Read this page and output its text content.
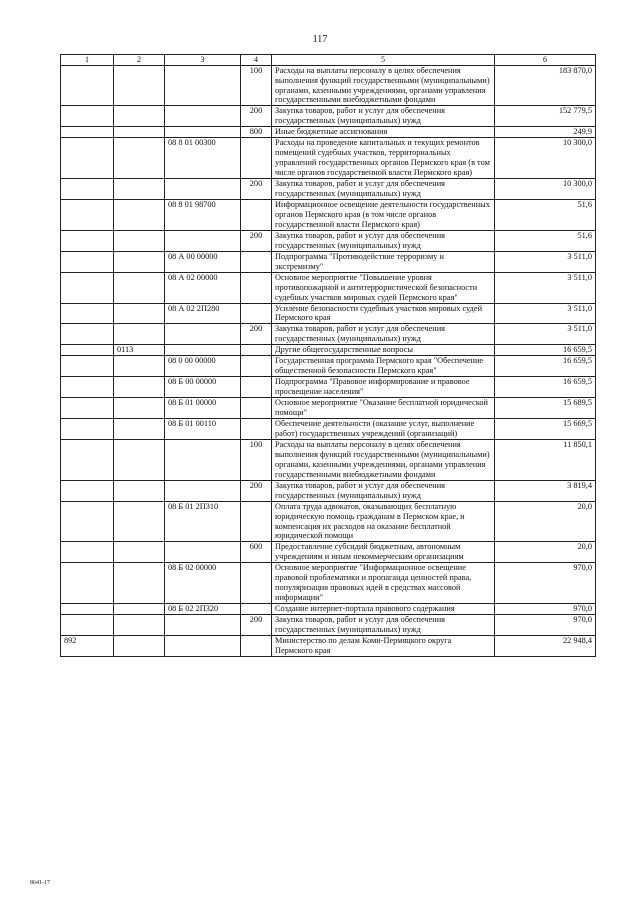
117
1	2	3	4	5	6
			100	Расходы на выплаты персоналу в целях обеспечения выполнения функций государственными (муниципальными) органами, казенными учреждениями, органами управления государственными внебюджетными фондами	183 870,0
			200	Закупка товаров, работ и услуг для обеспечения государственных (муниципальных) нужд	152 779,5
			800	Иные бюджетные ассигнования	249,9
		08 8 01 00300		Расходы на проведение капитальных и текущих ремонтов помещений судебных участков, территориальных управлений государственных органов Пермского края (в том числе органов государственной власти Пермского края)	10 300,0
			200	Закупка товаров, работ и услуг для обеспечения государственных (муниципальных) нужд	10 300,0
		08 8 01 98700		Информационное освещение деятельности государственных органов Пермского края (в том числе органов государственной власти Пермского края)	51,6
			200	Закупка товаров, работ и услуг для обеспечения государственных (муниципальных) нужд	51,6
		08 А 00 00000		Подпрограмма "Противодействие терроризму и экстремизму"	3 511,0
		08 А 02 00000		Основное мероприятие "Повышение уровня противопожарной и антитеррористической безопасности судебных участков мировых судей Пермского края"	3 511,0
		08 А 02 2П280		Усиление безопасности судебных участков мировых судей Пермского края	3 511,0
			200	Закупка товаров, работ и услуг для обеспечения государственных (муниципальных) нужд	3 511,0
	0113			Другие общегосударственные вопросы	16 659,5
		08 0 00 00000		Государственная программа Пермского края "Обеспечение общественной безопасности Пермского края"	16 659,5
		08 Б 00 00000		Подпрограмма "Правовое информирование и правовое просвещение населения"	16 659,5
		08 Б 01 00000		Основное мероприятие "Оказание бесплатной юридической помощи"	15 689,5
		08 Б 01 00110		Обеспечение деятельности (оказание услуг, выполнение работ) государственных учреждений (организаций)	15 669,5
			100	Расходы на выплаты персоналу в целях обеспечения выполнения функций государственными (муниципальными) органами, казенными учреждениями, органами управления государственными внебюджетными фондами	11 850,1
			200	Закупка товаров, работ и услуг для обеспечения государственных (муниципальных) нужд	3 819,4
		08 Б 01 2П310		Оплата труда адвокатов, оказывающих бесплатную юридическую помощь гражданам в Пермском крае, и компенсация их расходов на оказание бесплатной юридической помощи	20,0
			600	Предоставление субсидий бюджетным, автономным учреждениям и иным некоммерческим организациям	20,0
		08 Б 02 00000		Основное мероприятие "Информационное освещение правовой проблематики и пропаганда ценностей права, популяризация правовых идей в средствах массовой информации"	970,0
		08 Б 02 2П320		Создание интернет-портала правового содержания	970,0
			200	Закупка товаров, работ и услуг для обеспечения государственных (муниципальных) нужд	970,0
892				Министерство по делам Коми-Пермяцкого округа Пермского края	22 948,4
8641-17
